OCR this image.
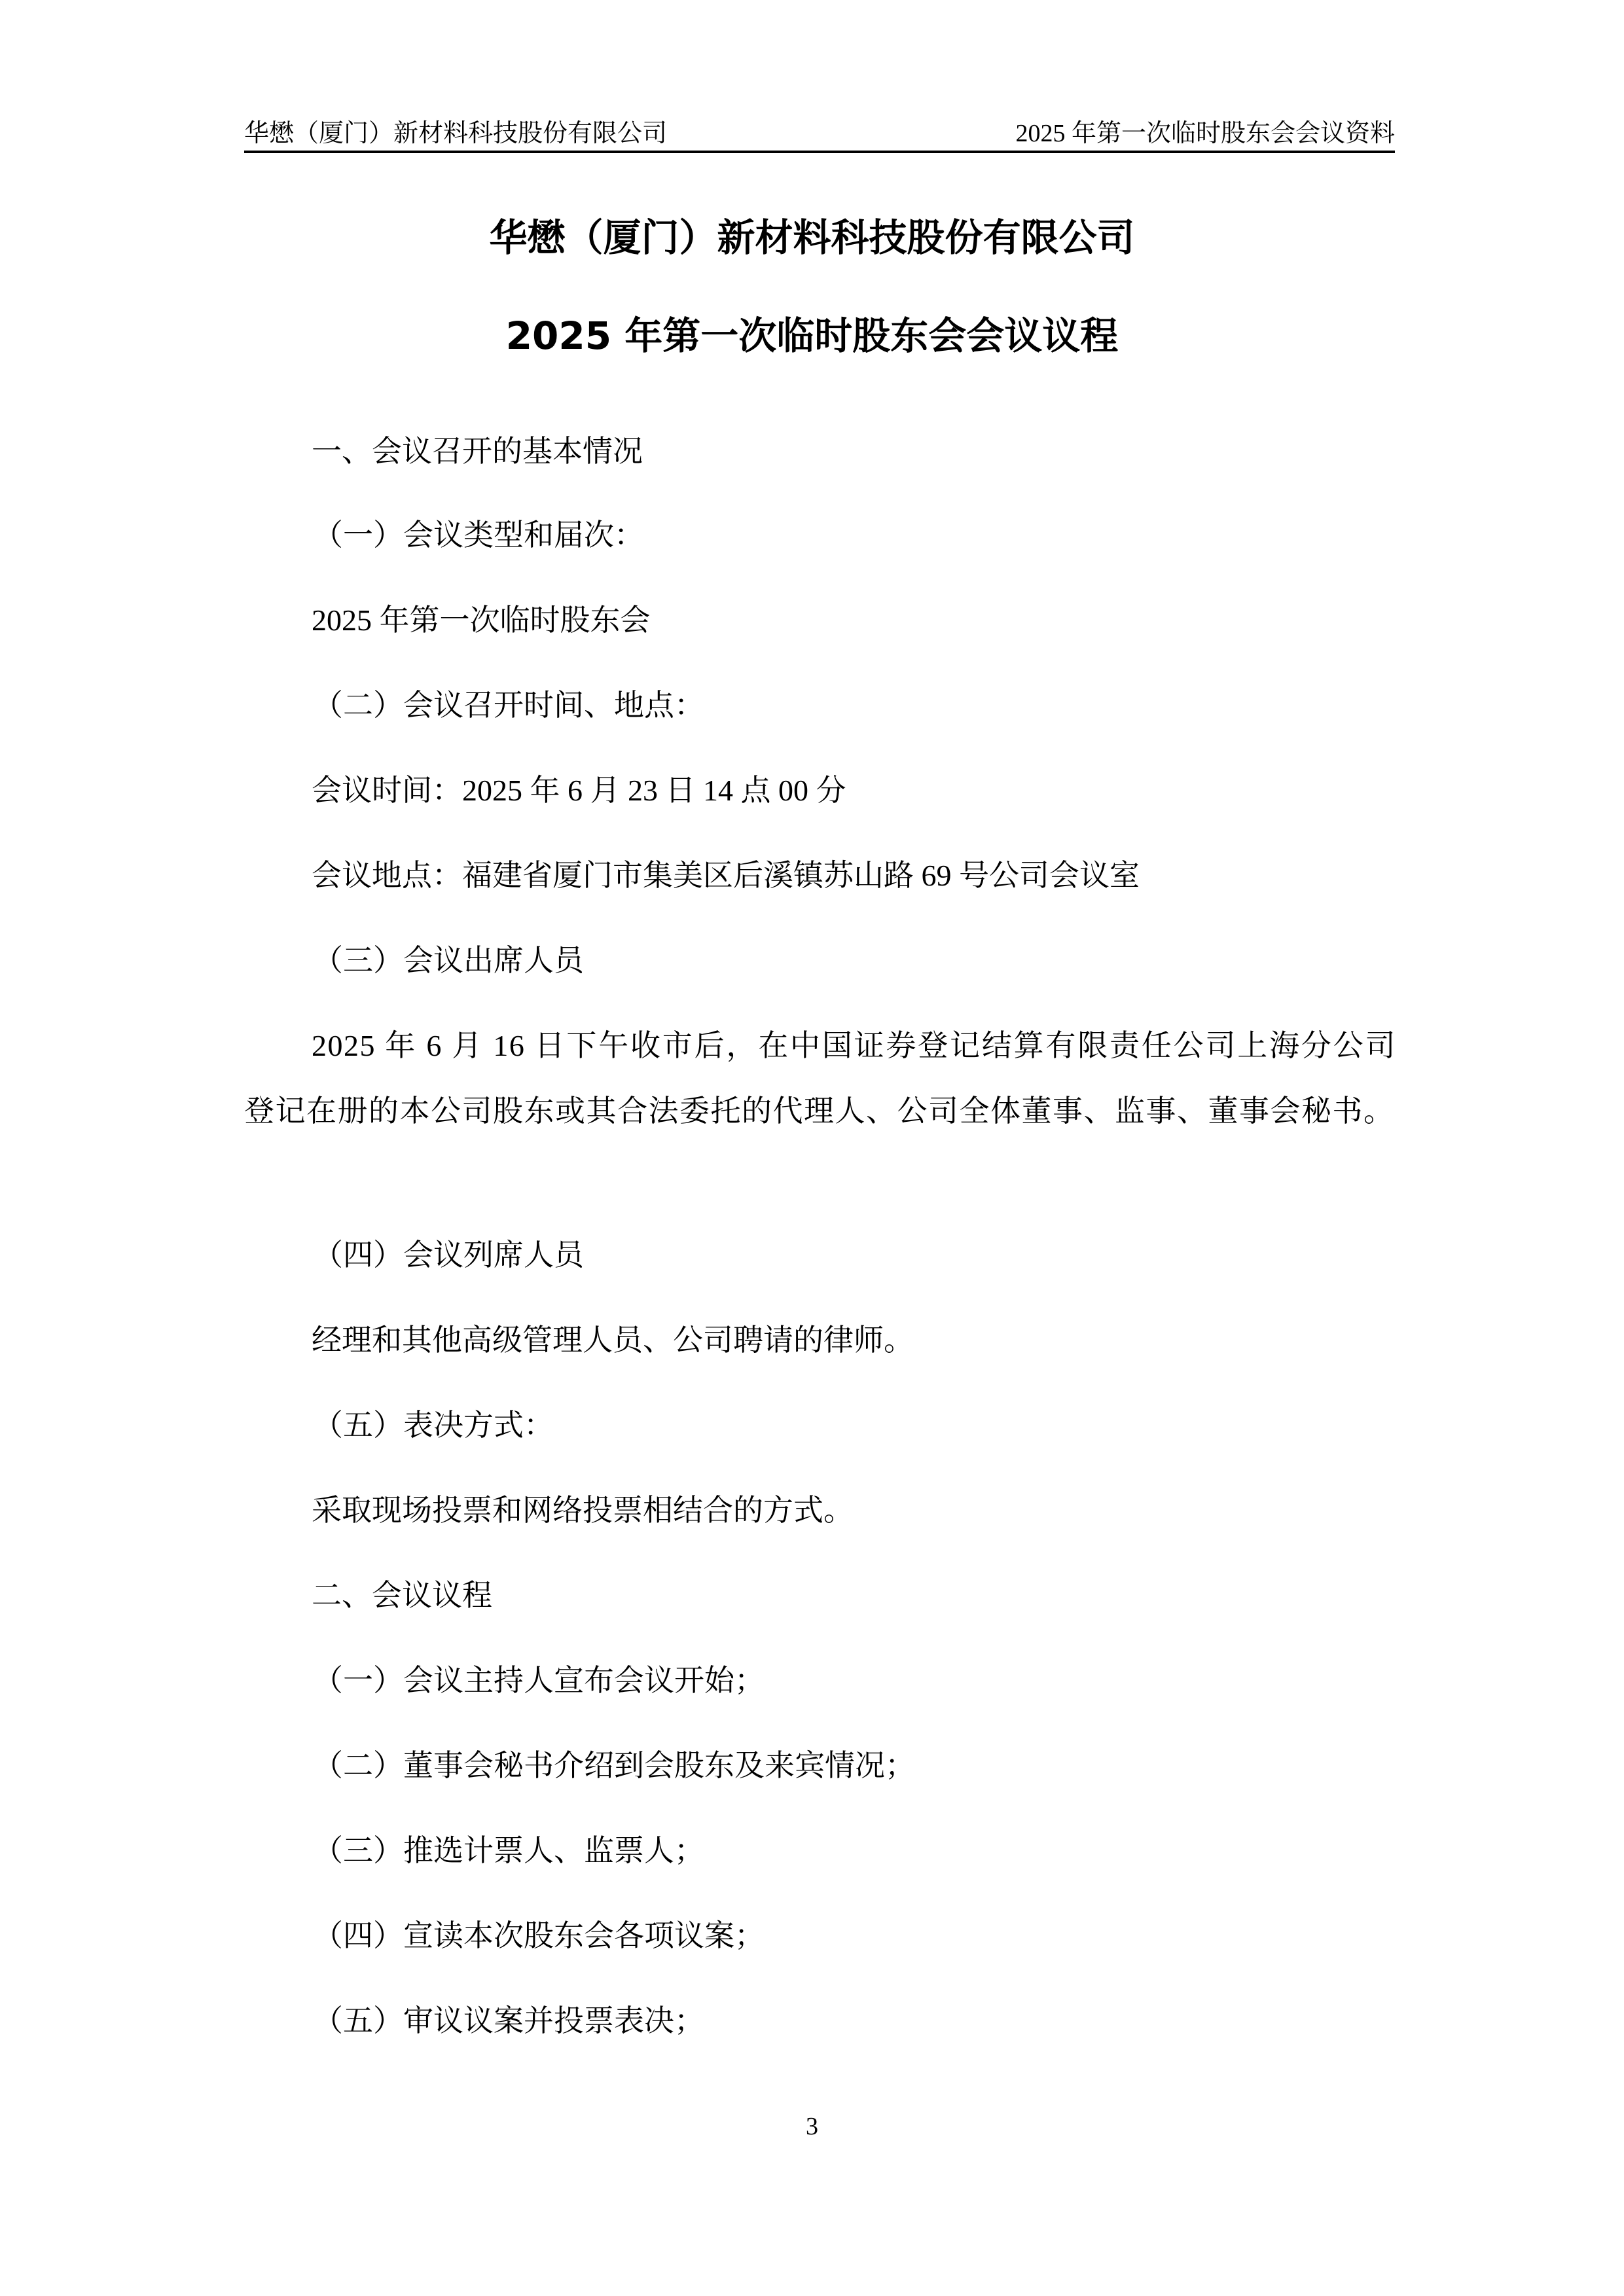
华懋（厦门）新材料科技股份有限公司	2025 年第一次临时股东会会议资料
华懋（厦门）新材料科技股份有限公司
2025 年第一次临时股东会会议议程
一、会议召开的基本情况
（一）会议类型和届次：
2025 年第一次临时股东会
（二）会议召开时间、地点：
会议时间：2025 年 6 月 23 日 14 点 00 分
会议地点：福建省厦门市集美区后溪镇苏山路 69 号公司会议室
（三）会议出席人员
2025 年 6 月 16 日下午收市后，在中国证券登记结算有限责任公司上海分公司登记在册的本公司股东或其合法委托的代理人、公司全体董事、监事、董事会秘书。
（四）会议列席人员
经理和其他高级管理人员、公司聘请的律师。
（五）表决方式：
采取现场投票和网络投票相结合的方式。
二、会议议程
（一）会议主持人宣布会议开始；
（二）董事会秘书介绍到会股东及来宾情况；
（三）推选计票人、监票人；
（四）宣读本次股东会各项议案；
（五）审议议案并投票表决；
3
